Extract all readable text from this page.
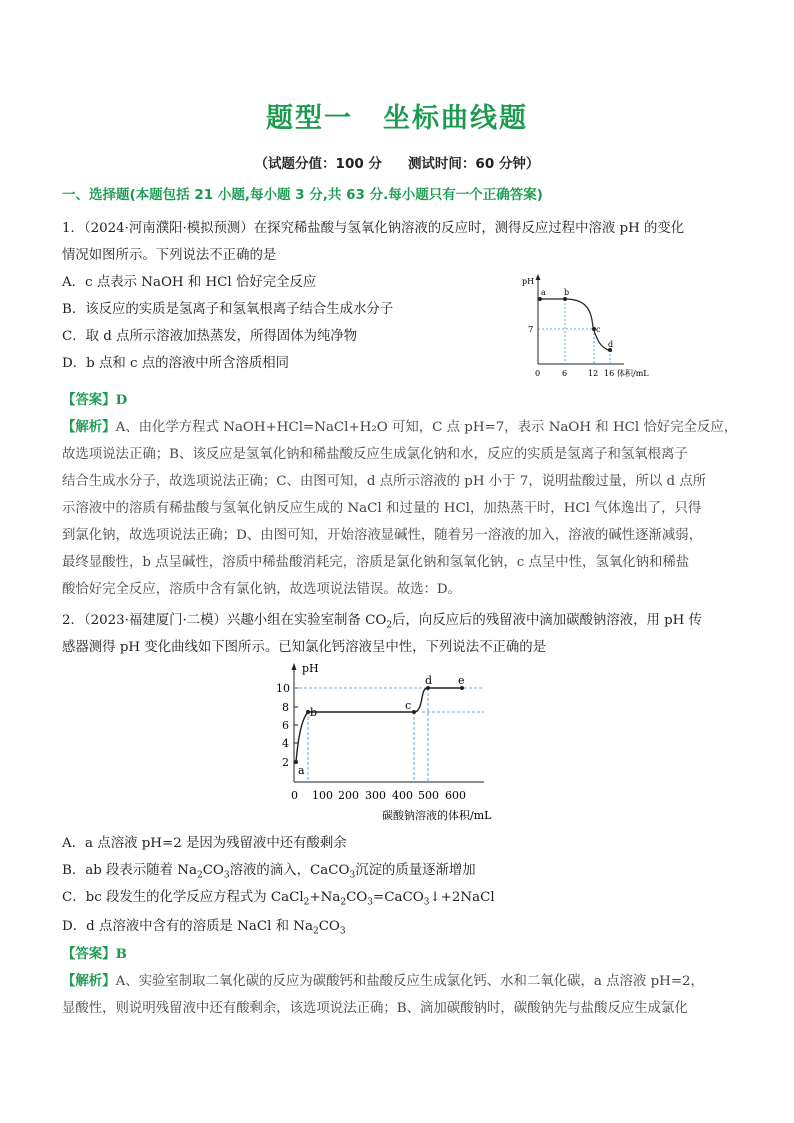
题型一 坐标曲线题
（试题分值：100 分 测试时间：60 分钟）
一、选择题(本题包括 21 小题,每小题 3 分,共 63 分.每小题只有一个正确答案)
1．（2024·河南濮阳·模拟预测）在探究稀盐酸与氢氧化钠溶液的反应时，测得反应过程中溶液 pH 的变化
情况如图所示。下列说法不正确的是
A．c 点表示 NaOH 和 HCl 恰好完全反应
B．该反应的实质是氢离子和氢氧根离子结合生成水分子
C．取 d 点所示溶液加热蒸发，所得固体为纯净物
D．b 点和 c 点的溶液中所含溶质相同
pH
7
0	6	12 16 体积/mL
a b
c
d
【答案】D
【解析】A、由化学方程式 NaOH+HCl=NaCl+H₂O 可知，C 点 pH=7，表示 NaOH 和 HCl 恰好完全反应，
故选项说法正确；B、该反应是氢氧化钠和稀盐酸反应生成氯化钠和水，反应的实质是氢离子和氢氧根离子
结合生成水分子，故选项说法正确；C、由图可知，d 点所示溶液的 pH 小于 7，说明盐酸过量，所以 d 点所
示溶液中的溶质有稀盐酸与氢氧化钠反应生成的 NaCl 和过量的 HCl，加热蒸干时，HCl 气体逸出了，只得
到氯化钠，故选项说法正确；D、由图可知，开始溶液显碱性，随着另一溶液的加入，溶液的碱性逐渐减弱，
最终显酸性，b 点呈碱性，溶质中稀盐酸消耗完，溶质是氯化钠和氢氧化钠，c 点呈中性，氢氧化钠和稀盐
酸恰好完全反应，溶质中含有氯化钠，故选项说法错误。故选：D。
2．（2023·福建厦门·二模）兴趣小组在实验室制备 $CO_2$后，向反应后的残留液中滴加碳酸钠溶液，用 pH 传
感器测得 pH 变化曲线如下图所示。已知氯化钙溶液呈中性，下列说法不正确的是
pH
10
8
6
4
2
0 100 200 300 400 500 600
碳酸钠溶液的体积/mL
a
b
c
d e
A．a 点溶液 pH=2 是因为残留液中还有酸剩余
B．ab 段表示随着 $Na_2CO_3$溶液的滴入，CaCO$_3$沉淀的质量逐渐增加
C．bc 段发生的化学反应方程式为 $CaCl_2+Na_2CO_3=CaCO_3↓+2NaCl$
D．d 点溶液中含有的溶质是 NaCl 和 $Na_2CO_3$
【答案】B
【解析】A、实验室制取二氧化碳的反应为碳酸钙和盐酸反应生成氯化钙、水和二氧化碳，a 点溶液 pH=2，
显酸性，则说明残留液中还有酸剩余，该选项说法正确；B、滴加碳酸钠时，碳酸钠先与盐酸反应生成氯化
